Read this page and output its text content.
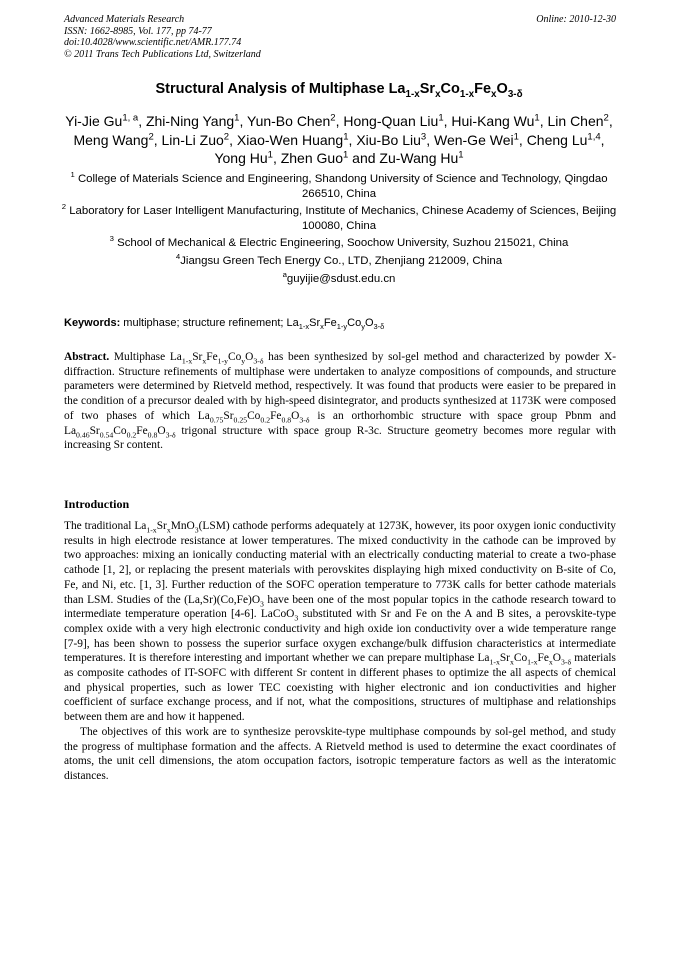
Advanced Materials Research
ISSN: 1662-8985, Vol. 177, pp 74-77
doi:10.4028/www.scientific.net/AMR.177.74
© 2011 Trans Tech Publications Ltd, Switzerland
Online: 2010-12-30
Structural Analysis of Multiphase $La_{1-x}Sr_xCo_{1-x}Fe_xO_{3-\delta}$
Yi-Jie Gu$^{1, a}$, Zhi-Ning Yang$^1$, Yun-Bo Chen$^2$, Hong-Quan Liu$^1$, Hui-Kang Wu$^1$, Lin Chen$^2$, Meng Wang$^2$, Lin-Li Zuo$^2$, Xiao-Wen Huang$^1$, Xiu-Bo Liu$^3$, Wen-Ge Wei$^1$, Cheng Lu$^{1,4}$, Yong Hu$^1$, Zhen Guo$^1$ and Zu-Wang Hu$^1$
$^1$ College of Materials Science and Engineering, Shandong University of Science and Technology, Qingdao 266510, China
$^2$ Laboratory for Laser Intelligent Manufacturing, Institute of Mechanics, Chinese Academy of Sciences, Beijing 100080, China
$^3$ School of Mechanical & Electric Engineering, Soochow University, Suzhou 215021, China
$^4$Jiangsu Green Tech Energy Co., LTD, Zhenjiang 212009, China
$^a$guyijie@sdust.edu.cn
Keywords: multiphase; structure refinement; $La_{1-x}Sr_xFe_{1-y}Co_yO_{3-\delta}$
Abstract. Multiphase $La_{1-x}Sr_xFe_{1-y}Co_yO_{3-\delta}$ has been synthesized by sol-gel method and characterized by powder X-diffraction. Structure refinements of multiphase were undertaken to analyze compositions of compounds, and structure parameters were determined by Rietveld method, respectively. It was found that products were easier to be prepared in the condition of a precursor dealed with by high-speed disintegrator, and products synthesized at 1173K were composed of two phases of which $La_{0.75}Sr_{0.25}Co_{0.2}Fe_{0.8}O_{3-\delta}$ is an orthorhombic structure with space group Pbnm and $La_{0.46}Sr_{0.54}Co_{0.2}Fe_{0.8}O_{3-\delta}$ trigonal structure with space group R-3c. Structure geometry becomes more regular with increasing Sr content.
Introduction

The traditional $La_{1-x}Sr_xMnO_3(LSM)$ cathode performs adequately at 1273K, however, its poor oxygen ionic conductivity results in high electrode resistance at lower temperatures. The mixed conductivity in the cathode can be improved by two approaches: mixing an ionically conducting material with an electrically conducting material to create a two-phase cathode [1, 2], or replacing the present materials with perovskites displaying high mixed conductivity on B-site of Co, Fe, and Ni, etc. [1, 3]. Further reduction of the SOFC operation temperature to 773K calls for better cathode materials than LSM. Studies of the $(La,Sr)(Co,Fe)O_3$ have been one of the most popular topics in the cathode research toward to intermediate temperature operation [4-6]. LaCoO$_3$ substituted with Sr and Fe on the A and B sites, a perovskite-type complex oxide with a very high electronic conductivity and high oxide ion conductivity over a wide temperature range [7-9], has been shown to possess the superior surface oxygen exchange/bulk diffusion characteristics at intermediate temperatures. It is therefore interesting and important whether we can prepare multiphase $La_{1-x}Sr_xCo_{1-x}Fe_xO_{3-\delta}$ materials as composite cathodes of IT-SOFC with different Sr content in different phases to optimize the all aspects of chemical and physical properties, such as lower TEC coexisting with higher electronic and ion conductivities and higher coefficient of surface exchange process, and if not, what the compositions, structures of multiphase and relationships between them are and how it happened.

The objectives of this work are to synthesize perovskite-type multiphase compounds by sol-gel method, and study the progress of multiphase formation and the affects. A Rietveld method is used to determine the exact coordinates of atoms, the unit cell dimensions, the atom occupation factors, isotropic temperature factors as well as the interatomic distances.
